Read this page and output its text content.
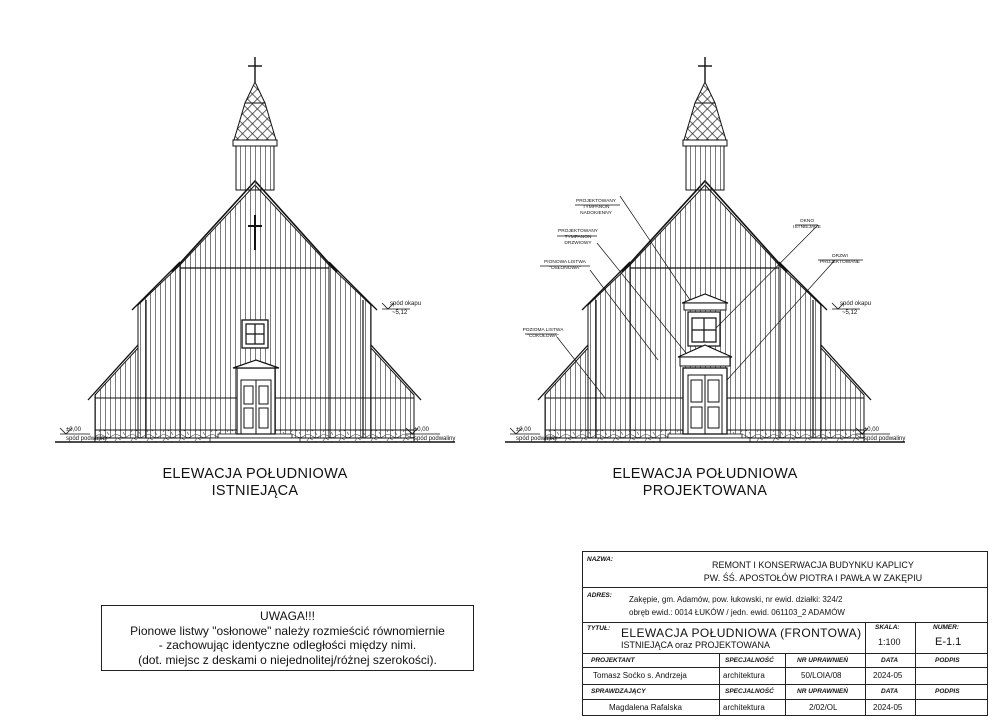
±0,00
spód podwaliny
±0,00
spód podwaliny
spód okapu
~5,12
±0,00
spód podwaliny
±0,00
spód podwaliny
spód okapu
~5,12
PROJEKTOWANY
TYMPANON
NADOKIENNY
PROJEKTOWANY
TYMPANON
DRZWIOWY
PIONOWA LISTWA
"OSŁONOWA"
POZIOMA LISTWA
"COKOŁOWA"
OKNO
ISTNIEJĄCE
DRZWI
PROJEKTOWANE
ELEWACJA POŁUDNIOWA
ISTNIEJĄCA
ELEWACJA POŁUDNIOWA
PROJEKTOWANA
UWAGA!!!
Pionowe listwy "osłonowe" należy rozmieścić równomiernie
- zachowując identyczne odległości między nimi.
(dot. miejsc z deskami o niejednolitej/różnej szerokości).
NAZWA:
REMONT I KONSERWACJA BUDYNKU KAPLICY
PW. ŚŚ. APOSTOŁÓW PIOTRA I PAWŁA W ZAKĘPIU
ADRES: Zakępie, gm. Adamów, pow. łukowski, nr ewid. działki: 324/2
obręb ewid.: 0014 ŁUKÓW / jedn. ewid. 061103_2 ADAMÓW
TYTUŁ: ELEWACJA POŁUDNIOWA (FRONTOWA)
ISTNIEJĄCA oraz PROJEKTOWANA
SKALA:
1:100
NUMER:
E-1.1
PROJEKTANT	SPECJALNOŚĆ	NR UPRAWNIEŃ	DATA	PODPIS
Tomasz Soćko s. Andrzeja	architektura	50/LOIA/08	2024-05
SPRAWDZAJĄCY	SPECJALNOŚĆ	NR UPRAWNIEŃ	DATA	PODPIS
Magdalena Rafalska	architektura	2/02/OL	2024-05
